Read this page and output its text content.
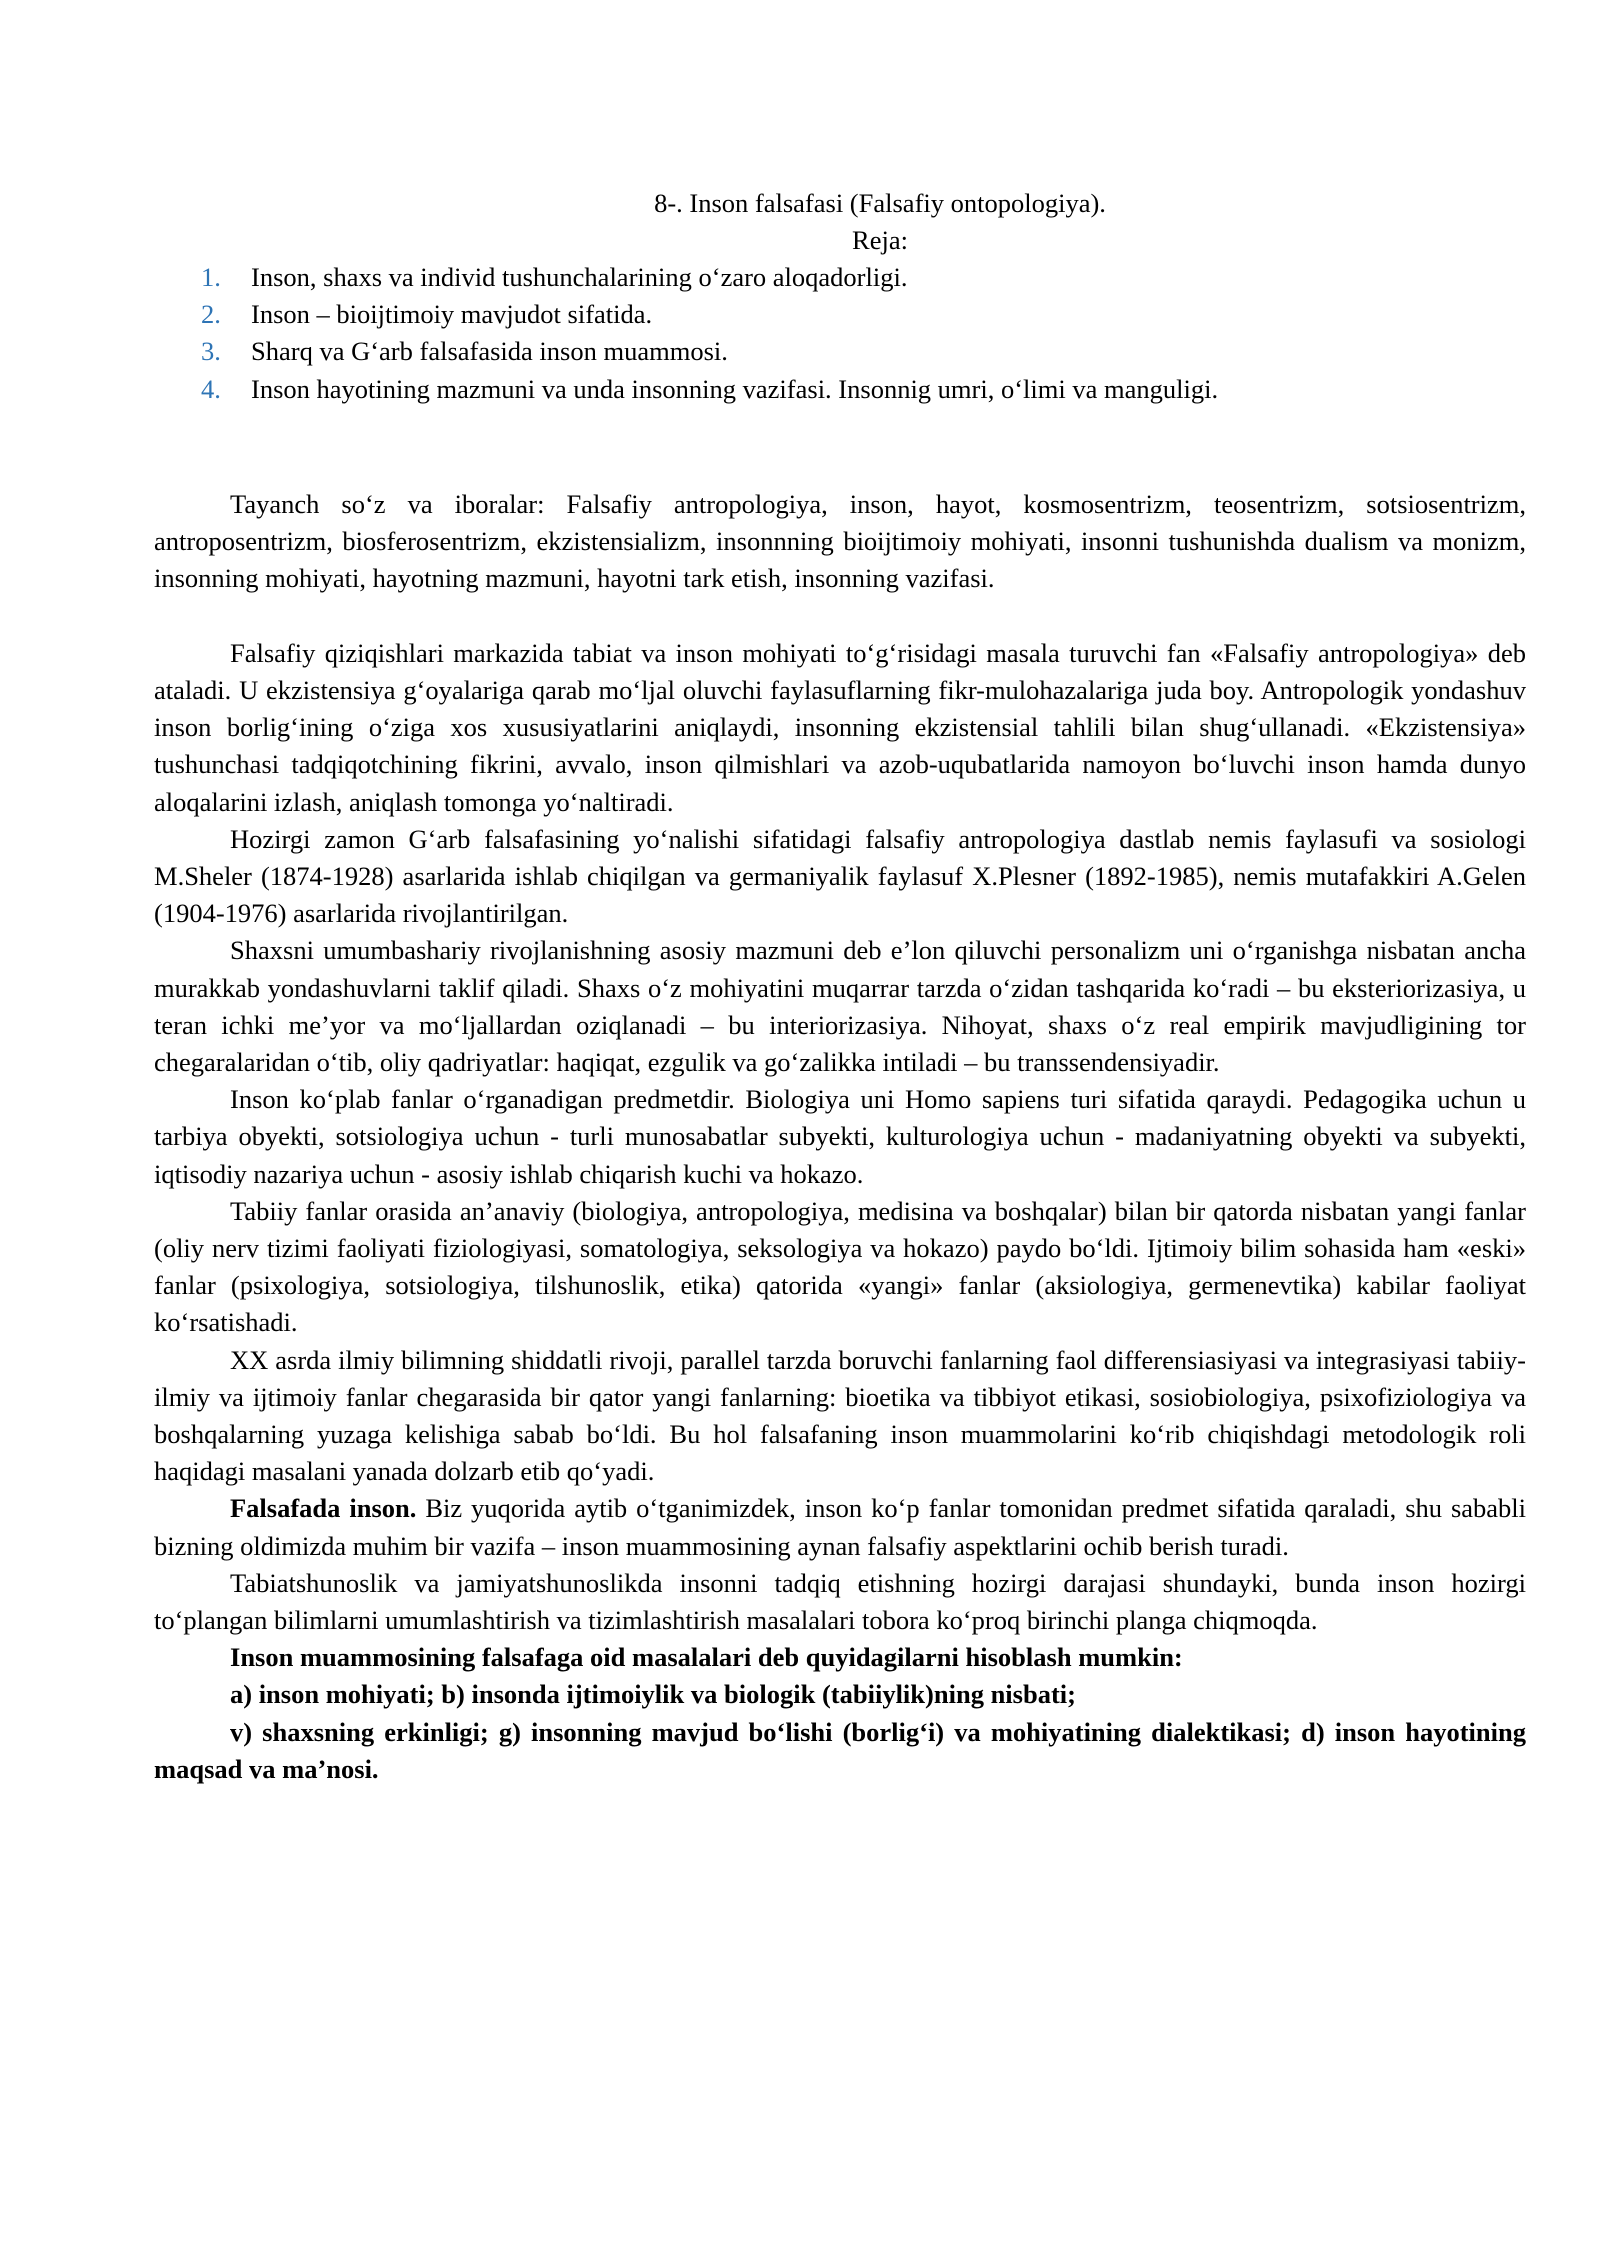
8-. Inson falsafasi (Falsafiy ontopologiya).
Reja:
1. Inson, shaxs va individ tushunchalarining o‘zaro aloqadorligi.
2. Inson – bioijtimoiy mavjudot sifatida.
3. Sharq va G‘arb falsafasida inson muammosi.
4. Inson hayotining mazmuni va unda insonning vazifasi. Insonnig umri, o‘limi va manguligi.

Tayanch so‘z va iboralar: Falsafiy antropologiya, inson, hayot, kosmosentrizm, teosentrizm, sotsiosentrizm, antroposentrizm, biosferosentrizm, ekzistensializm, insonnning bioijtimoiy mohiyati, insonni tushunishda dualism va monizm, insonning mohiyati, hayotning mazmuni, hayotni tark etish, insonning vazifasi.

Falsafiy qiziqishlari markazida tabiat va inson mohiyati to‘g‘risidagi masala turuvchi fan «Falsafiy antropologiya» deb ataladi. U ekzistensiya g‘oyalariga qarab mo‘ljal oluvchi faylasuflarning fikr-mulohazalariga juda boy. Antropologik yondashuv inson borlig‘ining o‘ziga xos xususiyatlarini aniqlaydi, insonning ekzistensial tahlili bilan shug‘ullanadi. «Ekzistensiya» tushunchasi tadqiqotchining fikrini, avvalo, inson qilmishlari va azob-uqubatlarida namoyon bo‘luvchi inson hamda dunyo aloqalarini izlash, aniqlash tomonga yo‘naltiradi.

Hozirgi zamon G‘arb falsafasining yo‘nalishi sifatidagi falsafiy antropologiya dastlab nemis faylasufi va sosiologi M.Sheler (1874-1928) asarlarida ishlab chiqilgan va germaniyalik faylasuf X.Plesner (1892-1985), nemis mutafakkiri A.Gelen (1904-1976) asarlarida rivojlantirilgan.

Shaxsni umumbashariy rivojlanishning asosiy mazmuni deb e’lon qiluvchi personalizm uni o‘rganishga nisbatan ancha murakkab yondashuvlarni taklif qiladi. Shaxs o‘z mohiyatini muqarrar tarzda o‘zidan tashqarida ko‘radi – bu eksteriorizasiya, u teran ichki me’yor va mo‘ljallardan oziqlanadi – bu interiorizasiya. Nihoyat, shaxs o‘z real empirik mavjudligining tor chegaralaridan o‘tib, oliy qadriyatlar: haqiqat, ezgulik va go‘zalikka intiladi – bu transsendensiyadir.

Inson ko‘plab fanlar o‘rganadigan predmetdir. Biologiya uni Homo sapiens turi sifatida qaraydi. Pedagogika uchun u tarbiya obyekti, sotsiologiya uchun - turli munosabatlar subyekti, kulturologiya uchun - madaniyatning obyekti va subyekti, iqtisodiy nazariya uchun - asosiy ishlab chiqarish kuchi va hokazo.

Tabiiy fanlar orasida an’anaviy (biologiya, antropologiya, medisina va boshqalar) bilan bir qatorda nisbatan yangi fanlar (oliy nerv tizimi faoliyati fiziologiyasi, somatologiya, seksologiya va hokazo) paydo bo‘ldi. Ijtimoiy bilim sohasida ham «eski» fanlar (psixologiya, sotsiologiya, tilshunoslik, etika) qatorida «yangi» fanlar (aksiologiya, germenevtika) kabilar faoliyat ko‘rsatishadi.

XX asrda ilmiy bilimning shiddatli rivoji, parallel tarzda boruvchi fanlarning faol differensiasiyasi va integrasiyasi tabiiy-ilmiy va ijtimoiy fanlar chegarasida bir qator yangi fanlarning: bioetika va tibbiyot etikasi, sosiobiologiya, psixofiziologiya va boshqalarning yuzaga kelishiga sabab bo‘ldi. Bu hol falsafaning inson muammolarini ko‘rib chiqishdagi metodologik roli haqidagi masalani yanada dolzarb etib qo‘yadi.

Falsafada inson. Biz yuqorida aytib o‘tganimizdek, inson ko‘p fanlar tomonidan predmet sifatida qaraladi, shu sababli bizning oldimizda muhim bir vazifa – inson muammosining aynan falsafiy aspektlarini ochib berish turadi.

Tabiatshunoslik va jamiyatshunoslikda insonni tadqiq etishning hozirgi darajasi shundayki, bunda inson hozirgi to‘plangan bilimlarni umumlashtirish va tizimlashtirish masalalari tobora ko‘proq birinchi planga chiqmoqda.

Inson muammosining falsafaga oid masalalari deb quyidagilarni hisoblash mumkin:

a) inson mohiyati; b) insonda ijtimoiylik va biologik (tabiiylik)ning nisbati;

v) shaxsning erkinligi; g) insonning mavjud bo‘lishi (borlig‘i) va mohiyatining dialektikasi; d) inson hayotining maqsad va ma’nosi.
